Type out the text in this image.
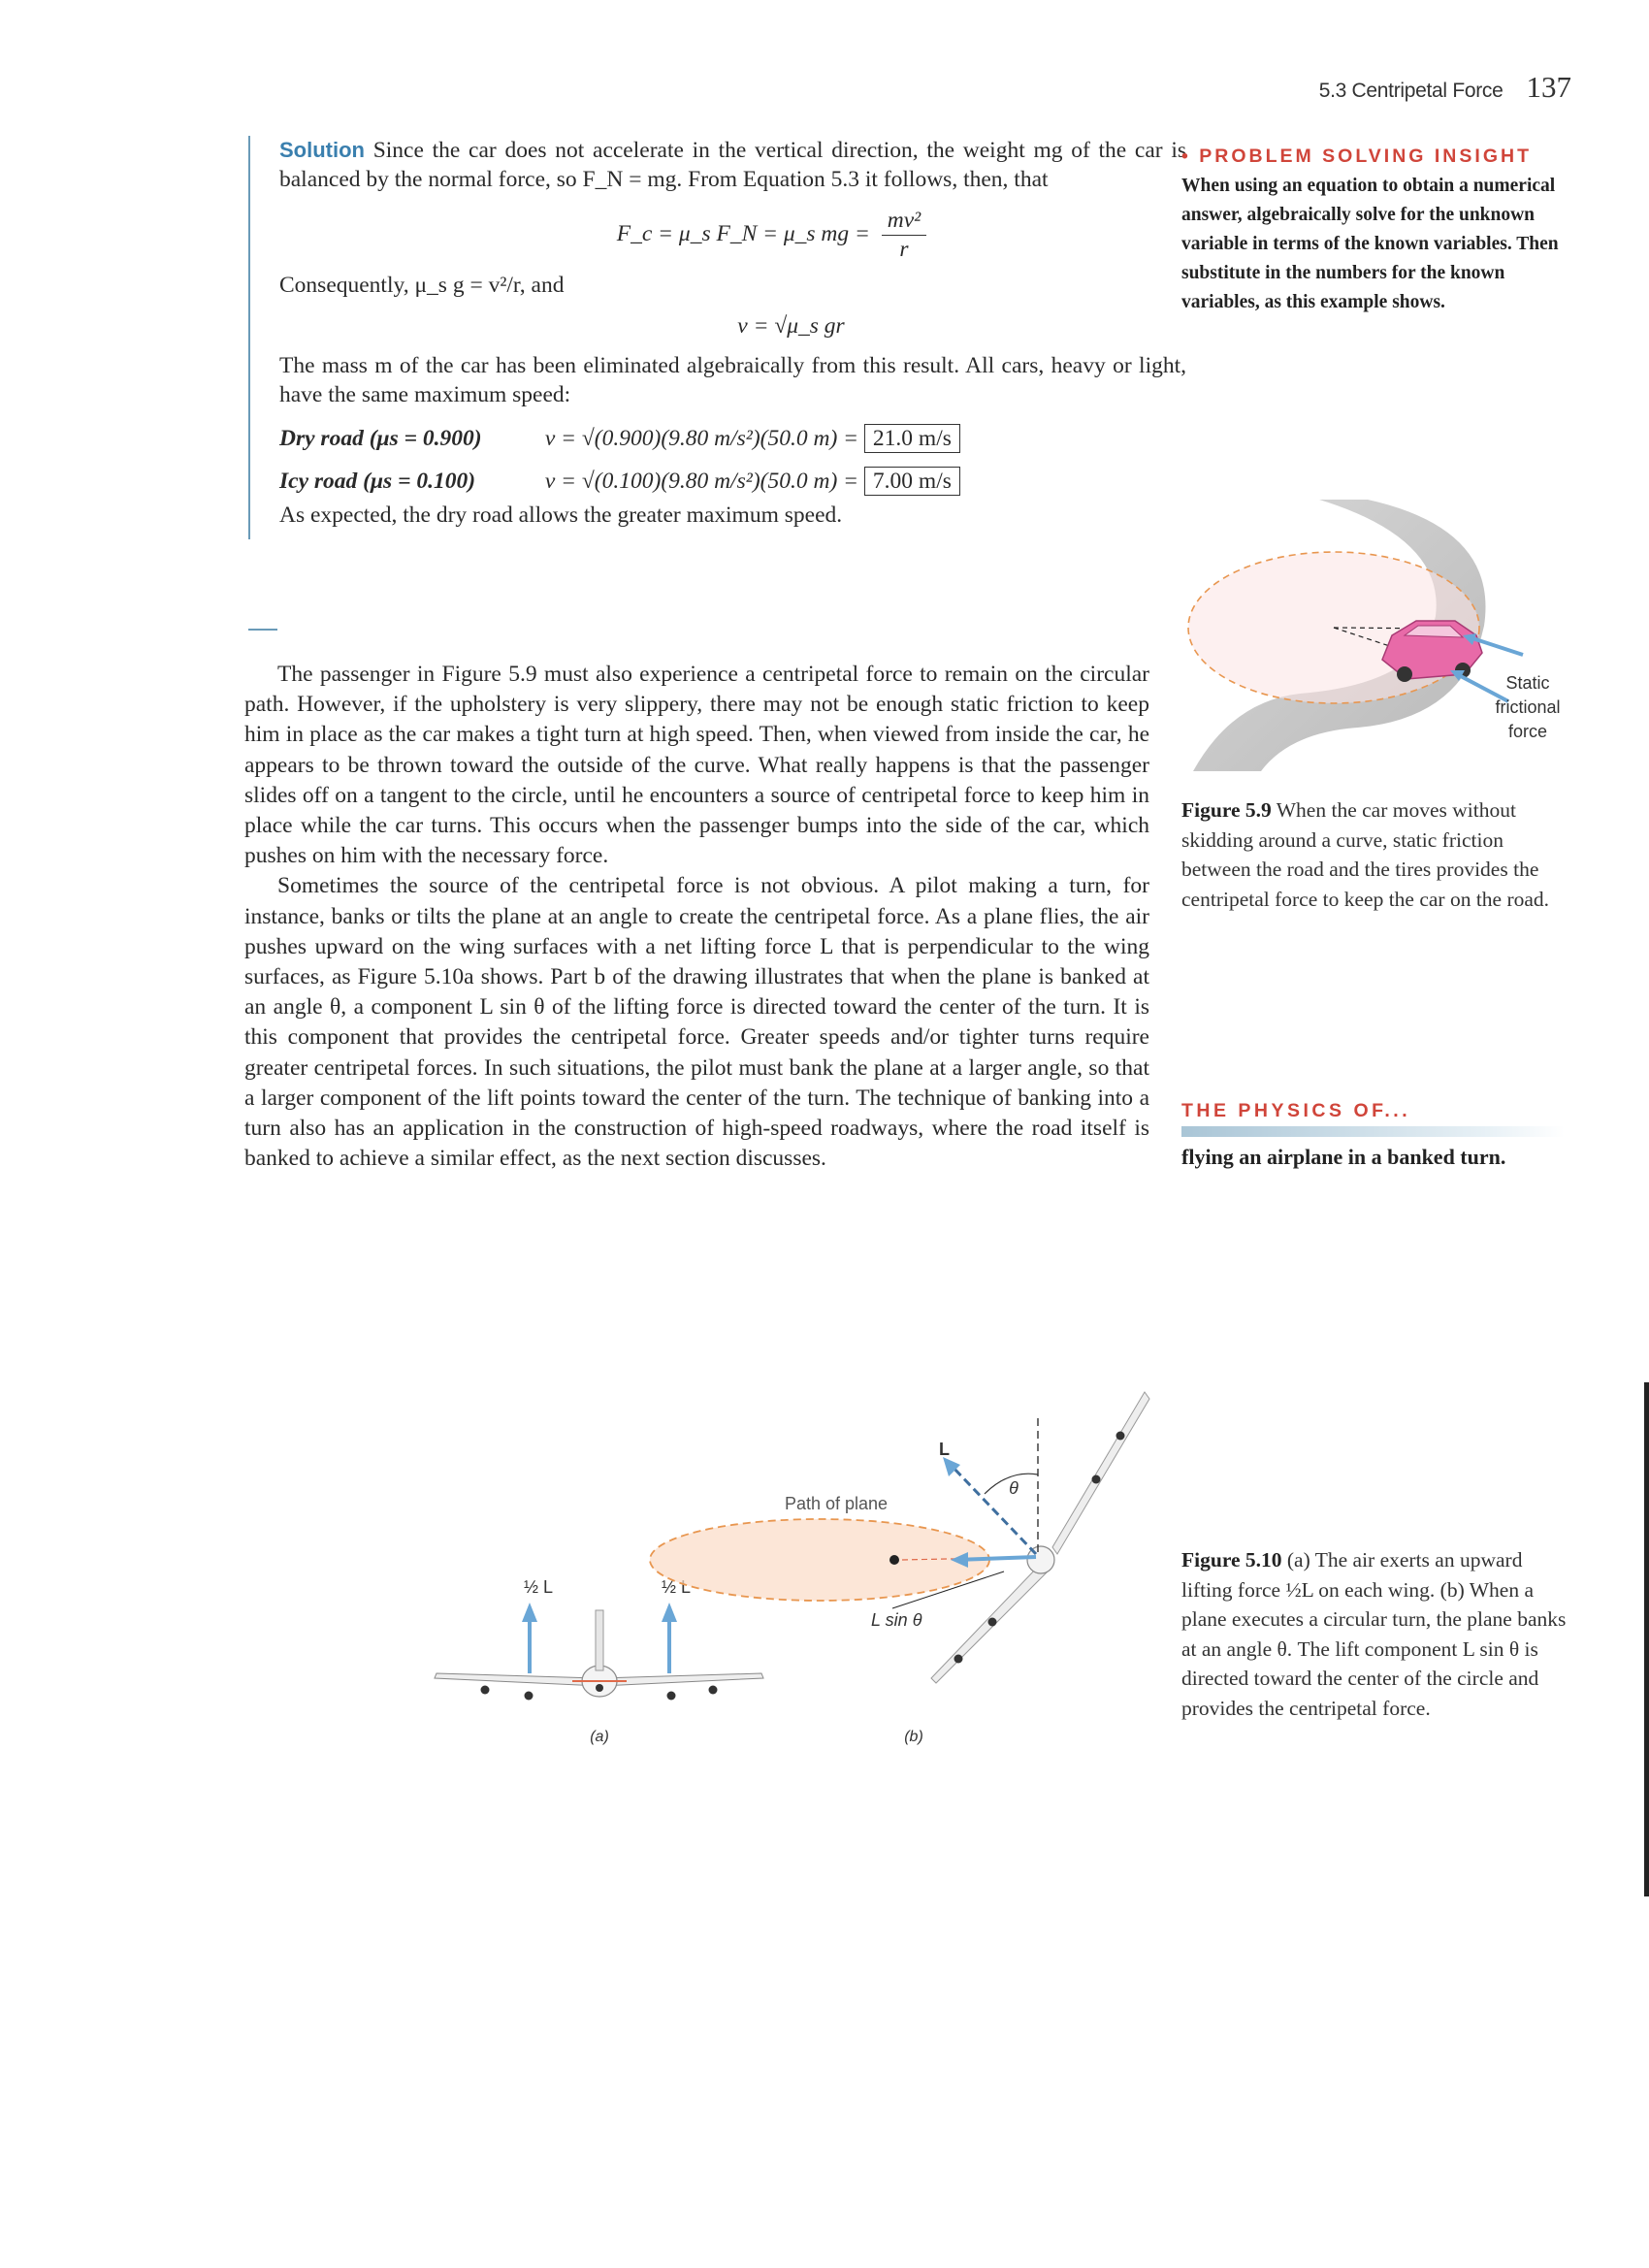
5.3 Centripetal Force 137

Solution Since the car does not accelerate in the vertical direction, the weight mg of the car is balanced by the normal force, so F_N = mg. From Equation 5.3 it follows, then, that

F_c = μ_s F_N = μ_s mg = $\frac{\text{mv²}}{r}$

Consequently, μ_s g = v²/r, and

v = √μ_s gr

The mass m of the car has been eliminated algebraically from this result. All cars, heavy or light, have the same maximum speed:

Dry road (μs = 0.900)	v = √(0.900)(9.80 m/s²)(50.0 m) = 21.0 m/s
Icy road (μs = 0.100)	v = √(0.100)(9.80 m/s²)(50.0 m) = 7.00 m/s

As expected, the dry road allows the greater maximum speed.

The passenger in Figure 5.9 must also experience a centripetal force to remain on the circular path. However, if the upholstery is very slippery, there may not be enough static friction to keep him in place as the car makes a tight turn at high speed. Then, when viewed from inside the car, he appears to be thrown toward the outside of the curve. What really happens is that the passenger slides off on a tangent to the circle, until he encounters a source of centripetal force to keep him in place while the car turns. This occurs when the passenger bumps into the side of the car, which pushes on him with the necessary force.

Sometimes the source of the centripetal force is not obvious. A pilot making a turn, for instance, banks or tilts the plane at an angle to create the centripetal force. As a plane flies, the air pushes upward on the wing surfaces with a net lifting force L that is perpendicular to the wing surfaces, as Figure 5.10a shows. Part b of the drawing illustrates that when the plane is banked at an angle θ, a component L sin θ of the lifting force is directed toward the center of the turn. It is this component that provides the centripetal force. Greater speeds and/or tighter turns require greater centripetal forces. In such situations, the pilot must bank the plane at a larger angle, so that a larger component of the lift points toward the center of the turn. The technique of banking into a turn also has an application in the construction of high-speed roadways, where the road itself is banked to achieve a similar effect, as the next section discusses.

• PROBLEM SOLVING INSIGHT
When using an equation to obtain a numerical answer, algebraically solve for the unknown variable in terms of the known variables. Then substitute in the numbers for the known variables, as this example shows.
Static
frictional
force
Figure 5.9 When the car moves without skidding around a curve, static friction between the road and the tires provides the centripetal force to keep the car on the road.
THE PHYSICS OF...
flying an airplane in a banked turn.
½ L	½ L
(a)
Path of plane
θ
L
L sin θ
(b)
Figure 5.10 (a) The air exerts an upward lifting force ½L on each wing. (b) When a plane executes a circular turn, the plane banks at an angle θ. The lift component L sin θ is directed toward the center of the circle and provides the centripetal force.
